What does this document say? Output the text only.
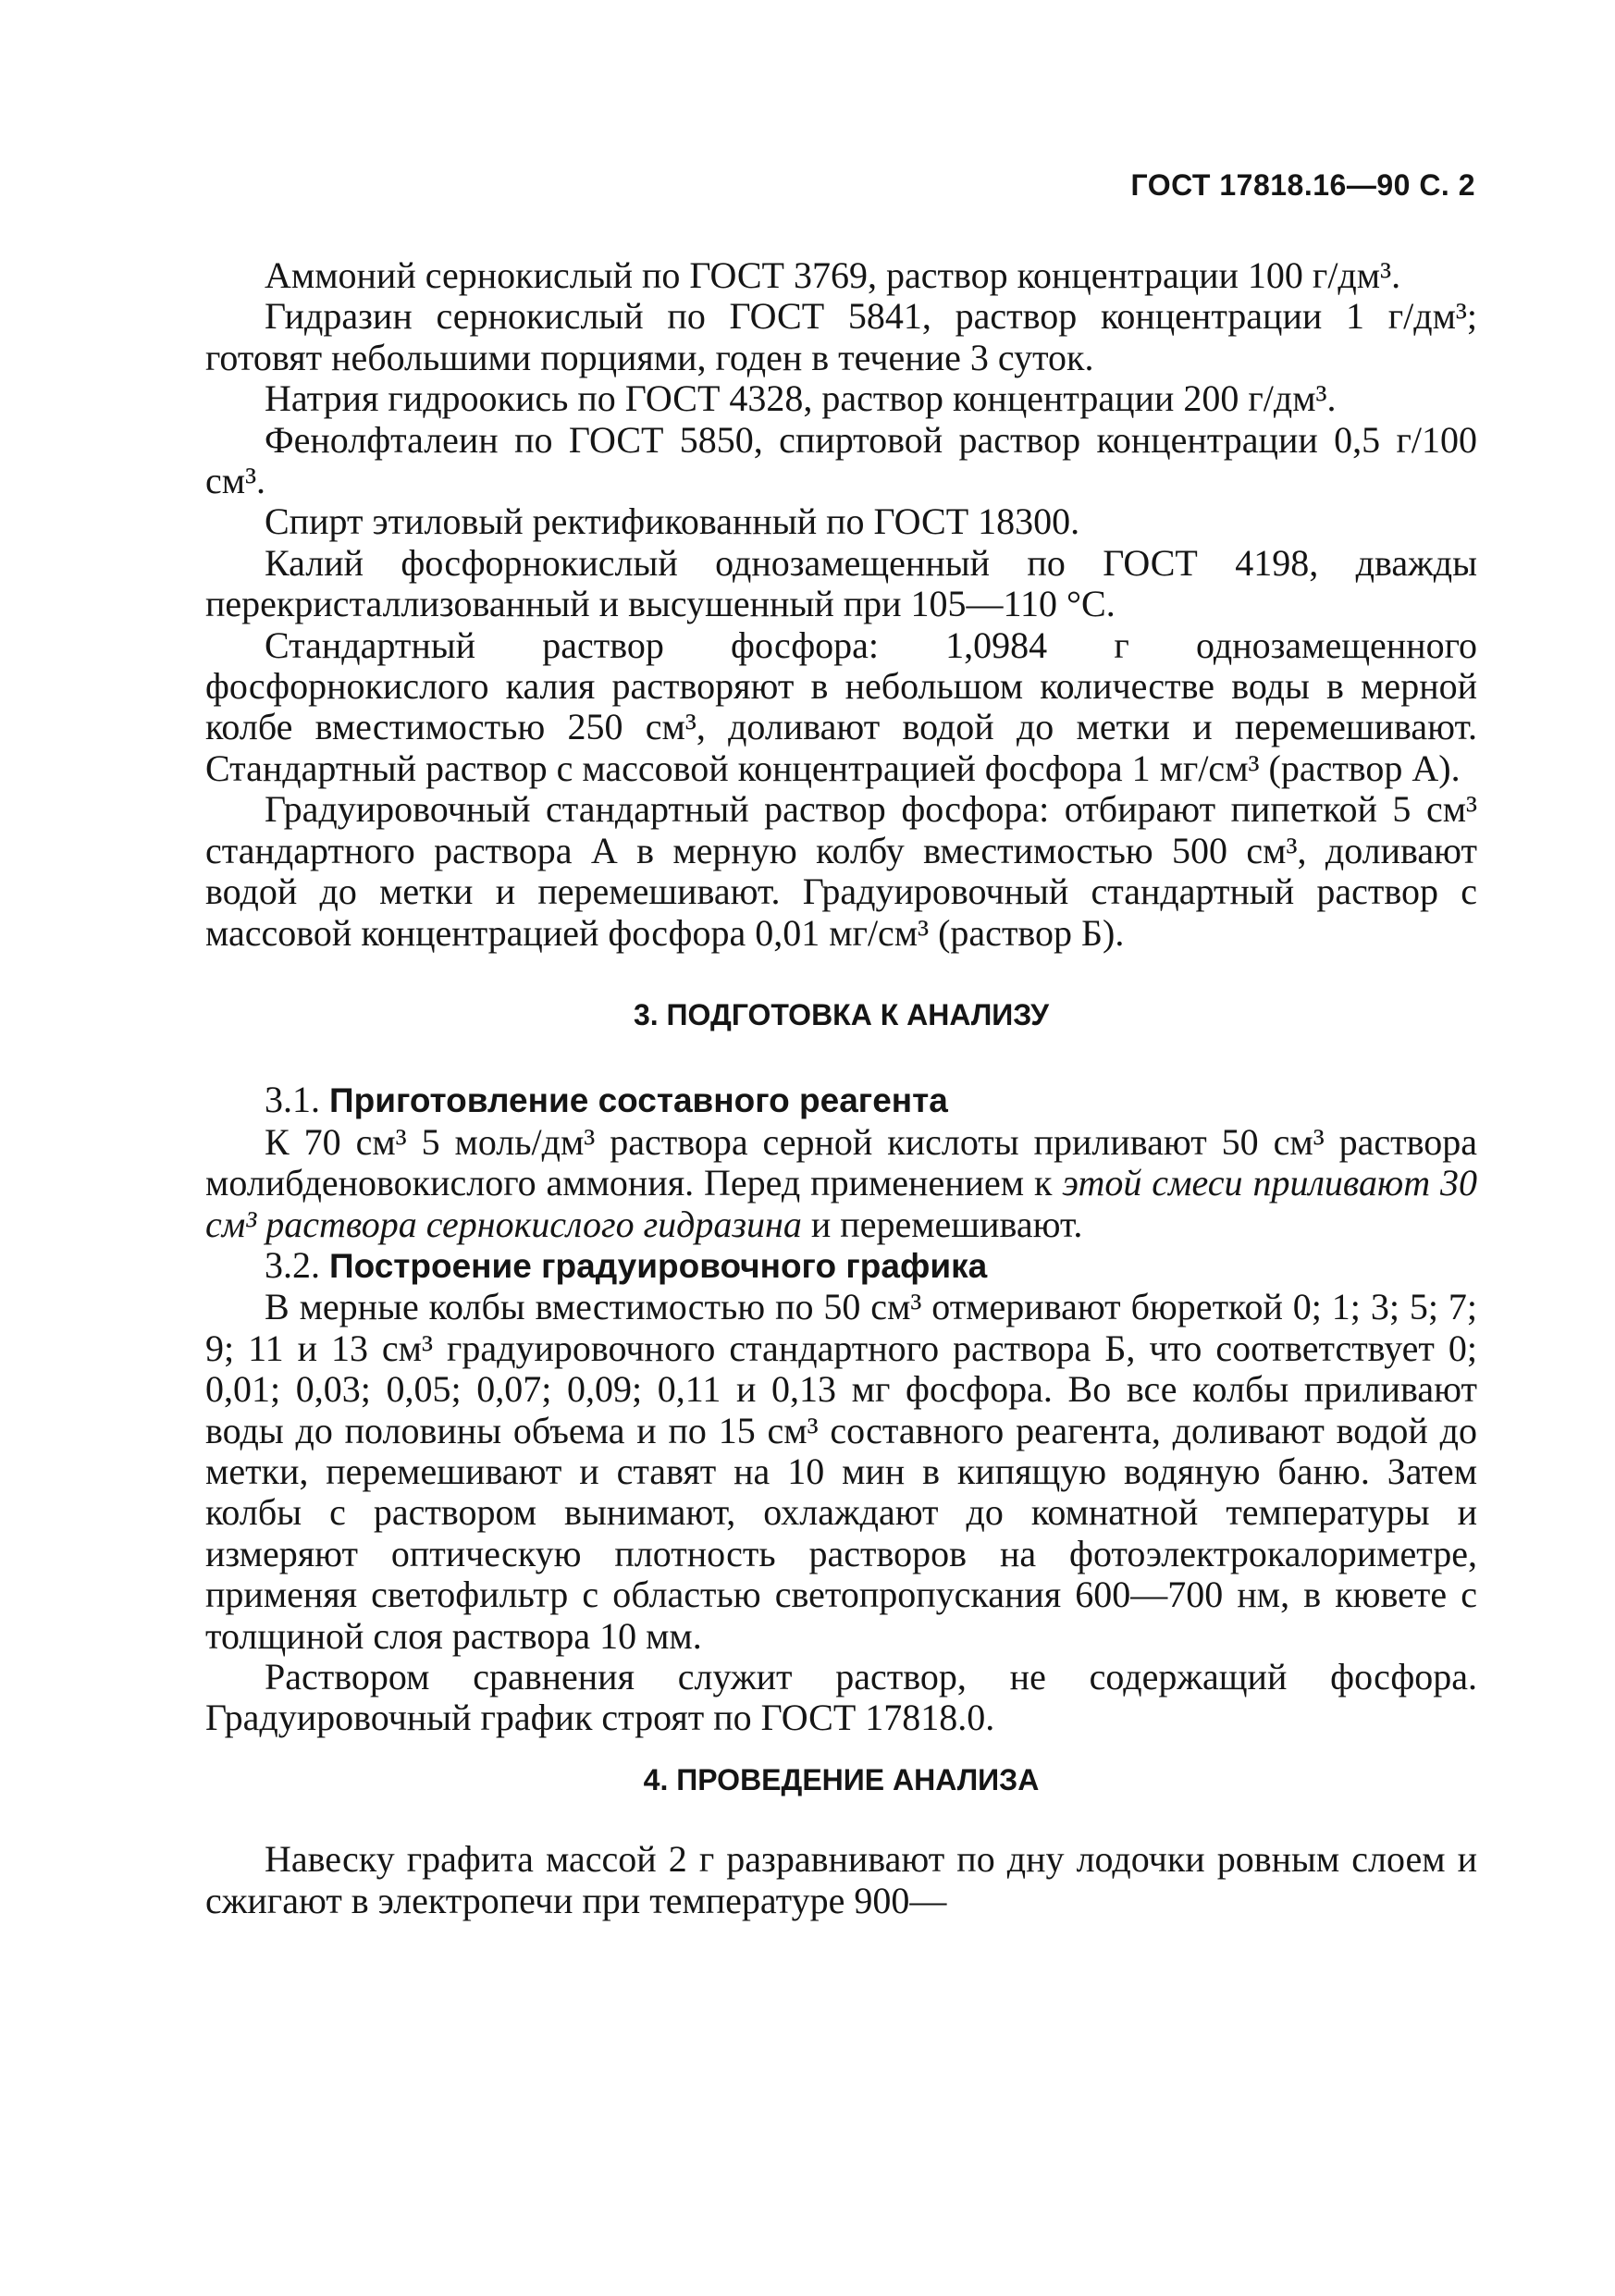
ГОСТ 17818.16—90 С. 2

Аммоний сернокислый по ГОСТ 3769, раствор концентрации 100 г/дм³.

Гидразин сернокислый по ГОСТ 5841, раствор концентрации 1 г/дм³; готовят небольшими порциями, годен в течение 3 суток.

Натрия гидроокись по ГОСТ 4328, раствор концентрации 200 г/дм³.

Фенолфталеин по ГОСТ 5850, спиртовой раствор концентрации 0,5 г/100 см³.

Спирт этиловый ректификованный по ГОСТ 18300.

Калий фосфорнокислый однозамещенный по ГОСТ 4198, дважды перекристаллизованный и высушенный при 105—110 °С.

Стандартный раствор фосфора: 1,0984 г однозамещенного фосфорнокислого калия растворяют в небольшом количестве воды в мерной колбе вместимостью 250 см³, доливают водой до метки и перемешивают. Стандартный раствор с массовой концентрацией фосфора 1 мг/см³ (раствор А).

Градуировочный стандартный раствор фосфора: отбирают пипеткой 5 см³ стандартного раствора А в мерную колбу вместимостью 500 см³, доливают водой до метки и перемешивают. Градуировочный стандартный раствор с массовой концентрацией фосфора 0,01 мг/см³ (раствор Б).

3. ПОДГОТОВКА К АНАЛИЗУ

3.1. Приготовление составного реагента

К 70 см³ 5 моль/дм³ раствора серной кислоты приливают 50 см³ раствора молибденовокислого аммония. Перед применением к этой смеси приливают 30 см³ раствора сернокислого гидразина и перемешивают.

3.2. Построение градуировочного графика

В мерные колбы вместимостью по 50 см³ отмеривают бюреткой 0; 1; 3; 5; 7; 9; 11 и 13 см³ градуировочного стандартного раствора Б, что соответствует 0; 0,01; 0,03; 0,05; 0,07; 0,09; 0,11 и 0,13 мг фосфора. Во все колбы приливают воды до половины объема и по 15 см³ составного реагента, доливают водой до метки, перемешивают и ставят на 10 мин в кипящую водяную баню. Затем колбы с раствором вынимают, охлаждают до комнатной температуры и измеряют оптическую плотность растворов на фотоэлектрокалориметре, применяя светофильтр с областью светопропускания 600—700 нм, в кювете с толщиной слоя раствора 10 мм.

Раствором сравнения служит раствор, не содержащий фосфора. Градуировочный график строят по ГОСТ 17818.0.

4. ПРОВЕДЕНИЕ АНАЛИЗА

Навеску графита массой 2 г разравнивают по дну лодочки ровным слоем и сжигают в электропечи при температуре 900—
